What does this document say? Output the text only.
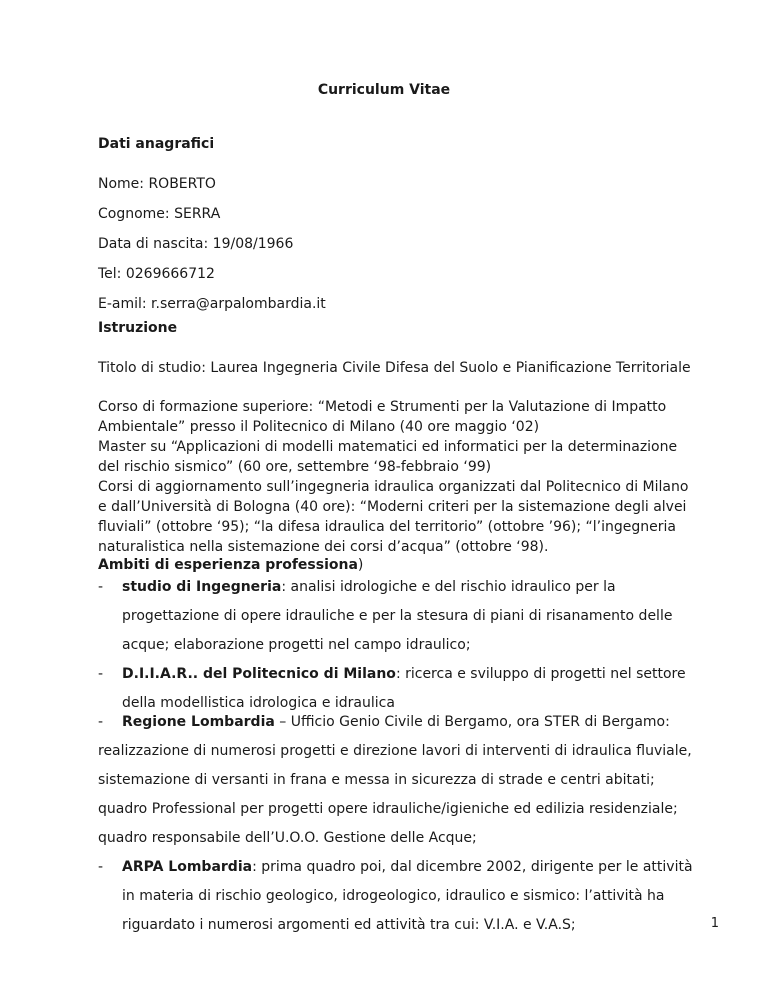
Curriculum Vitae
Dati anagrafici
Nome: ROBERTO
Cognome: SERRA
Data di nascita: 19/08/1966
Tel: 0269666712
E-amil: r.serra@arpalombardia.it
Istruzione
Titolo di studio: Laurea Ingegneria Civile Difesa del Suolo e Pianificazione Territoriale
Corso di formazione superiore: “Metodi e Strumenti per la Valutazione di Impatto Ambientale” presso il Politecnico di Milano (40 ore maggio ‘02)
Master su “Applicazioni di modelli matematici ed informatici per la determinazione del rischio sismico” (60 ore, settembre ‘98-febbraio ‘99)
Corsi di aggiornamento sull’ingegneria idraulica organizzati dal Politecnico di Milano e dall’Università di Bologna (40 ore): “Moderni criteri per la sistemazione degli alvei fluviali” (ottobre ‘95); “la difesa idraulica del territorio” (ottobre ’96); “l’ingegneria naturalistica nella sistemazione dei corsi d’acqua” (ottobre ‘98).
Ambiti di esperienza professiona)
- studio di Ingegneria: analisi idrologiche e del rischio idraulico per la progettazione di opere idrauliche e per la stesura di piani di risanamento delle acque; elaborazione progetti nel campo idraulico;
- D.I.I.A.R.. del Politecnico di Milano: ricerca e sviluppo di progetti nel settore della modellistica idrologica e idraulica
- Regione Lombardia – Ufficio Genio Civile di Bergamo, ora STER di Bergamo:
realizzazione di numerosi progetti e direzione lavori di interventi di idraulica fluviale, sistemazione di versanti in frana e messa in sicurezza di strade e centri abitati; quadro Professional per progetti opere idrauliche/igieniche ed edilizia residenziale; quadro responsabile dell’U.O.O. Gestione delle Acque;
- ARPA Lombardia: prima quadro poi, dal dicembre 2002, dirigente per le attività in materia di rischio geologico, idrogeologico, idraulico e sismico: l’attività ha riguardato i numerosi argomenti ed attività tra cui: V.I.A. e V.A.S;	1
